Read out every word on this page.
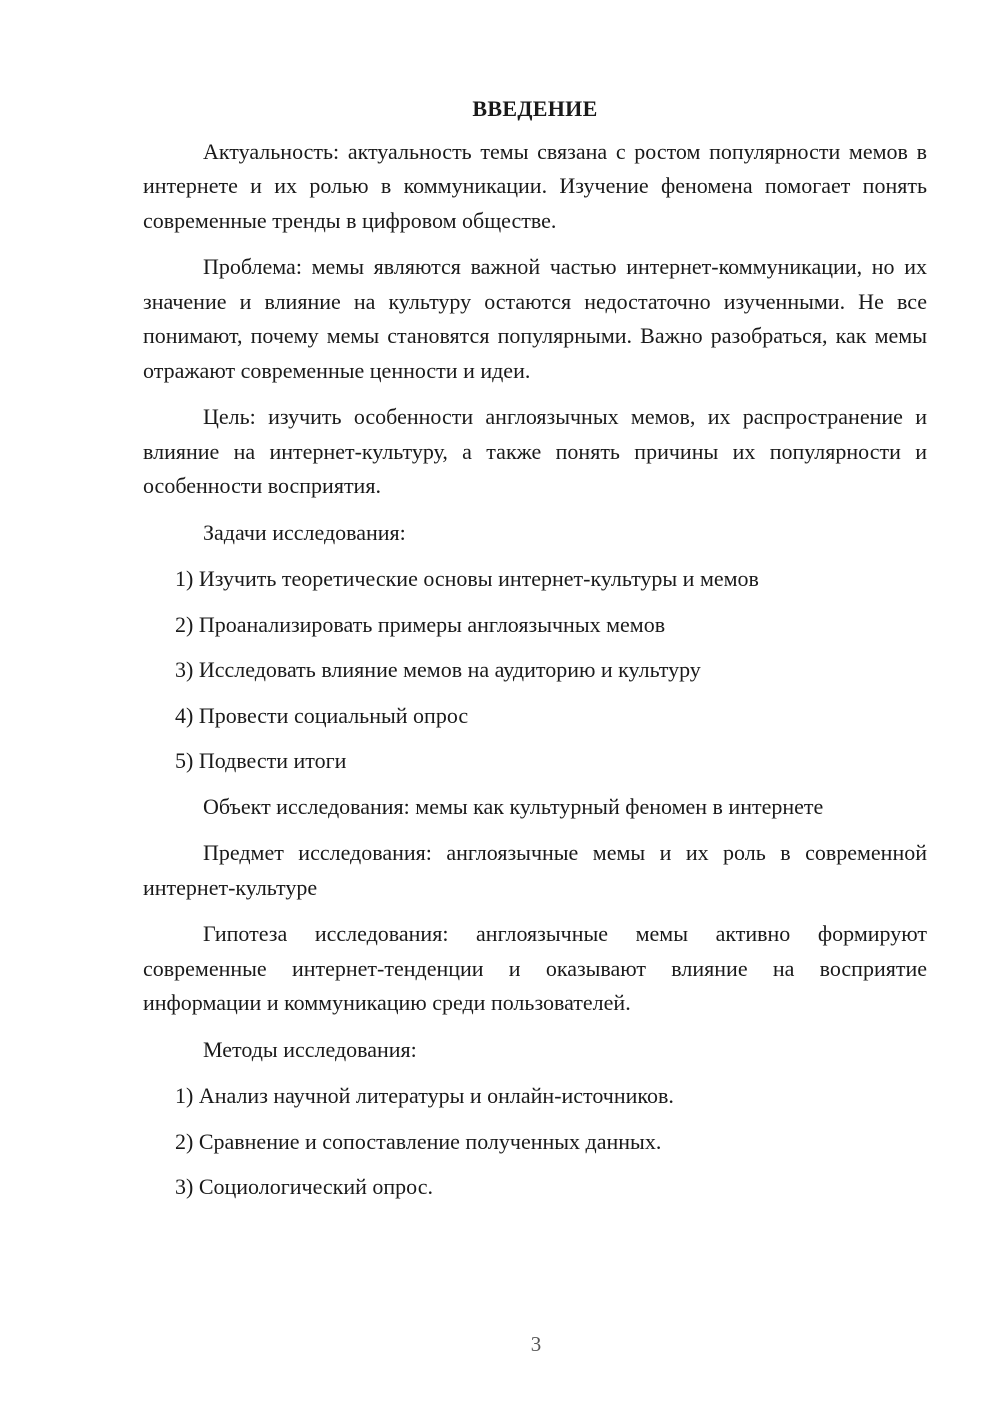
ВВЕДЕНИЕ

Актуальность: актуальность темы связана с ростом популярности мемов в интернете и их ролью в коммуникации. Изучение феномена помогает понять современные тренды в цифровом обществе.

Проблема: мемы являются важной частью интернет-коммуникации, но их значение и влияние на культуру остаются недостаточно изученными. Не все понимают, почему мемы становятся популярными. Важно разобраться, как мемы отражают современные ценности и идеи.

Цель: изучить особенности англоязычных мемов, их распространение и влияние на интернет-культуру, а также понять причины их популярности и особенности восприятия.

Задачи исследования:

1) Изучить теоретические основы интернет-культуры и мемов
2) Проанализировать примеры англоязычных мемов
3) Исследовать влияние мемов на аудиторию и культуру
4) Провести социальный опрос
5) Подвести итоги

Объект исследования: мемы как культурный феномен в интернете

Предмет исследования: англоязычные мемы и их роль в современной интернет-культуре

Гипотеза исследования: англоязычные мемы активно формируют современные интернет-тенденции и оказывают влияние на восприятие информации и коммуникацию среди пользователей.

Методы исследования:

1) Анализ научной литературы и онлайн-источников.
2) Сравнение и сопоставление полученных данных.
3) Социологический опрос.
3
